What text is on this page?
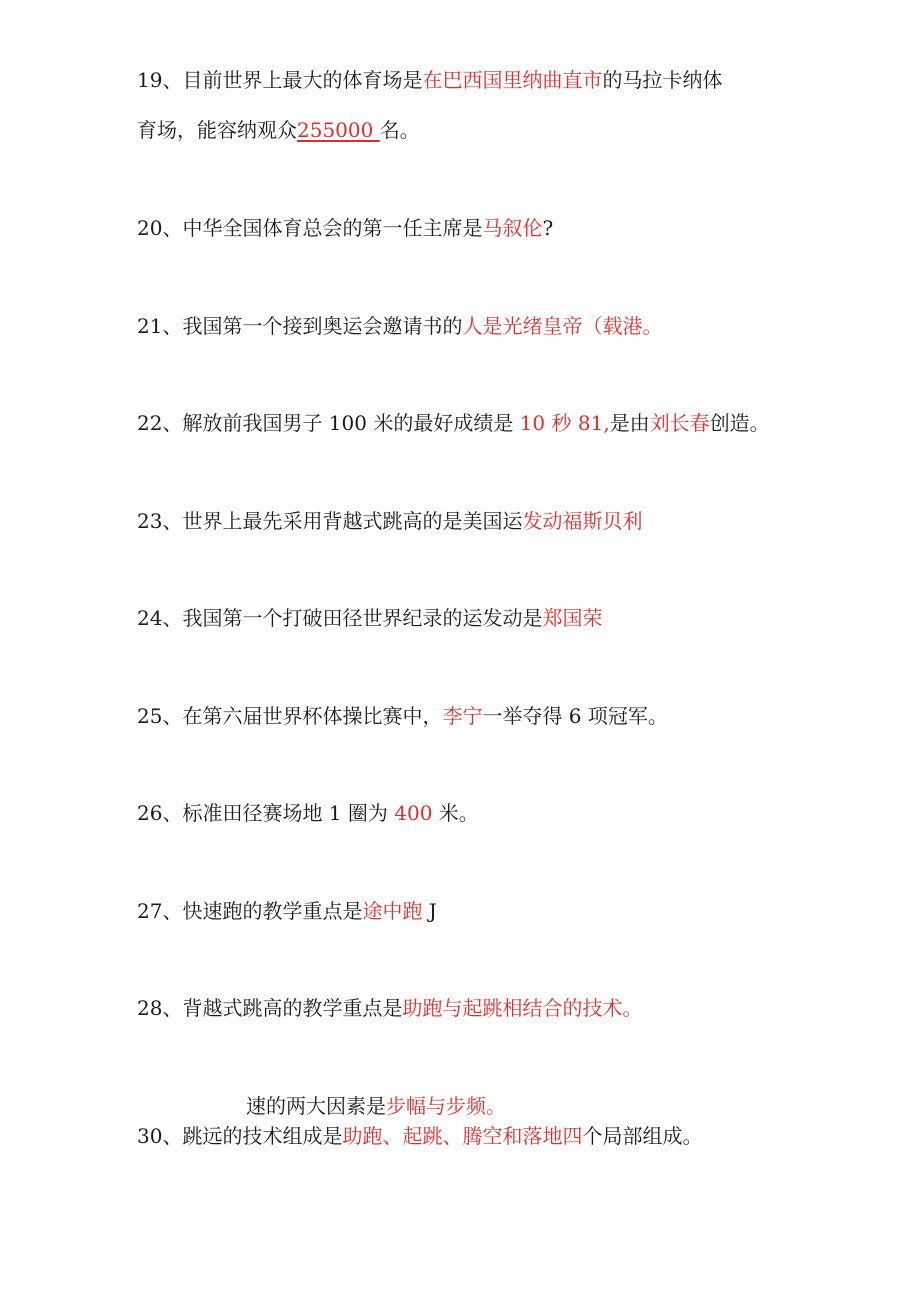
19、目前世界上最大的体育场是在巴西国里纳曲直市的马拉卡纳体
育场，能容纳观众255000 名。
20、中华全国体育总会的第一任主席是马叙伦?
21、我国第一个接到奥运会邀请书的人是光绪皇帝（载港。
22、解放前我国男子 100 米的最好成绩是 10 秒 81,是由刘长春创造。
23、世界上最先采用背越式跳高的是美国运发动福斯贝利
24、我国第一个打破田径世界纪录的运发动是郑国荣
25、在第六届世界杯体操比赛中，李宁一举夺得 6 项冠军。
26、标准田径赛场地 1 圈为 400 米。
27、快速跑的教学重点是途中跑 J
28、背越式跳高的教学重点是助跑与起跳相结合的技术。
速的两大因素是步幅与步频。
30、跳远的技术组成是助跑、起跳、腾空和落地四个局部组成。
